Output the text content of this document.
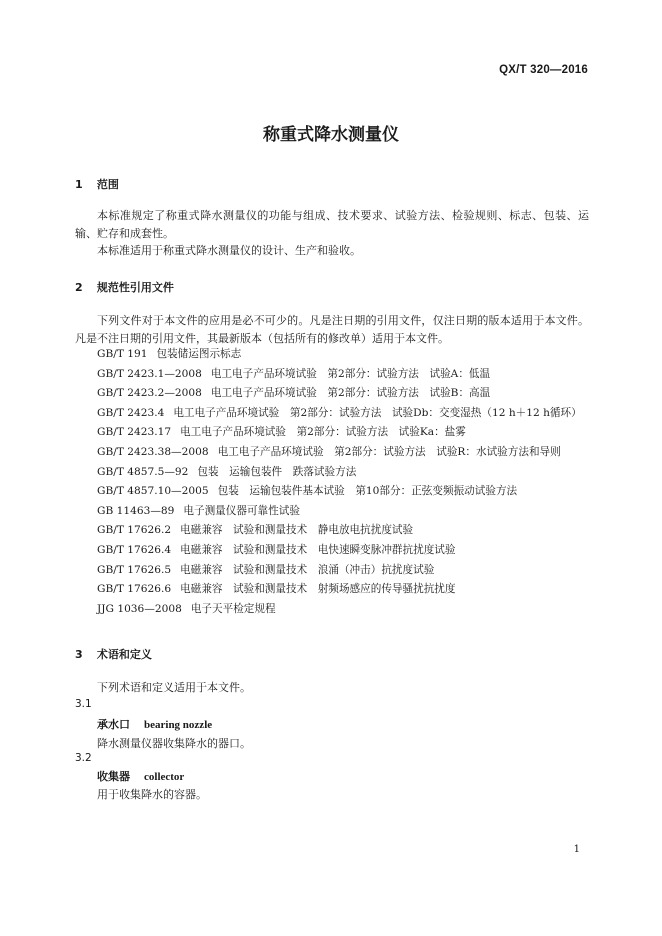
QX/T 320—2016
称重式降水测量仪
1 范围
本标准规定了称重式降水测量仪的功能与组成、技术要求、试验方法、检验规则、标志、包装、运输、贮存和成套性。
本标准适用于称重式降水测量仪的设计、生产和验收。
2 规范性引用文件
下列文件对于本文件的应用是必不可少的。凡是注日期的引用文件，仅注日期的版本适用于本文件。凡是不注日期的引用文件，其最新版本（包括所有的修改单）适用于本文件。
GB/T 191 包装储运图示标志
GB/T 2423.1—2008 电工电子产品环境试验　第2部分：试验方法　试验A：低温
GB/T 2423.2—2008 电工电子产品环境试验　第2部分：试验方法　试验B：高温
GB/T 2423.4 电工电子产品环境试验　第2部分：试验方法　试验Db：交变湿热（12 h＋12 h循环）
GB/T 2423.17 电工电子产品环境试验　第2部分：试验方法　试验Ka：盐雾
GB/T 2423.38—2008 电工电子产品环境试验　第2部分：试验方法　试验R：水试验方法和导则
GB/T 4857.5—92 包装　运输包装件　跌落试验方法
GB/T 4857.10—2005 包装　运输包装件基本试验　第10部分：正弦变频振动试验方法
GB 11463—89 电子测量仪器可靠性试验
GB/T 17626.2 电磁兼容　试验和测量技术　静电放电抗扰度试验
GB/T 17626.4 电磁兼容　试验和测量技术　电快速瞬变脉冲群抗扰度试验
GB/T 17626.5 电磁兼容　试验和测量技术　浪涌（冲击）抗扰度试验
GB/T 17626.6 电磁兼容　试验和测量技术　射频场感应的传导骚扰抗扰度
JJG 1036—2008 电子天平检定规程
3 术语和定义
下列术语和定义适用于本文件。
3.1
承水口 bearing nozzle
降水测量仪器收集降水的器口。
3.2
收集器 collector
用于收集降水的容器。
1
